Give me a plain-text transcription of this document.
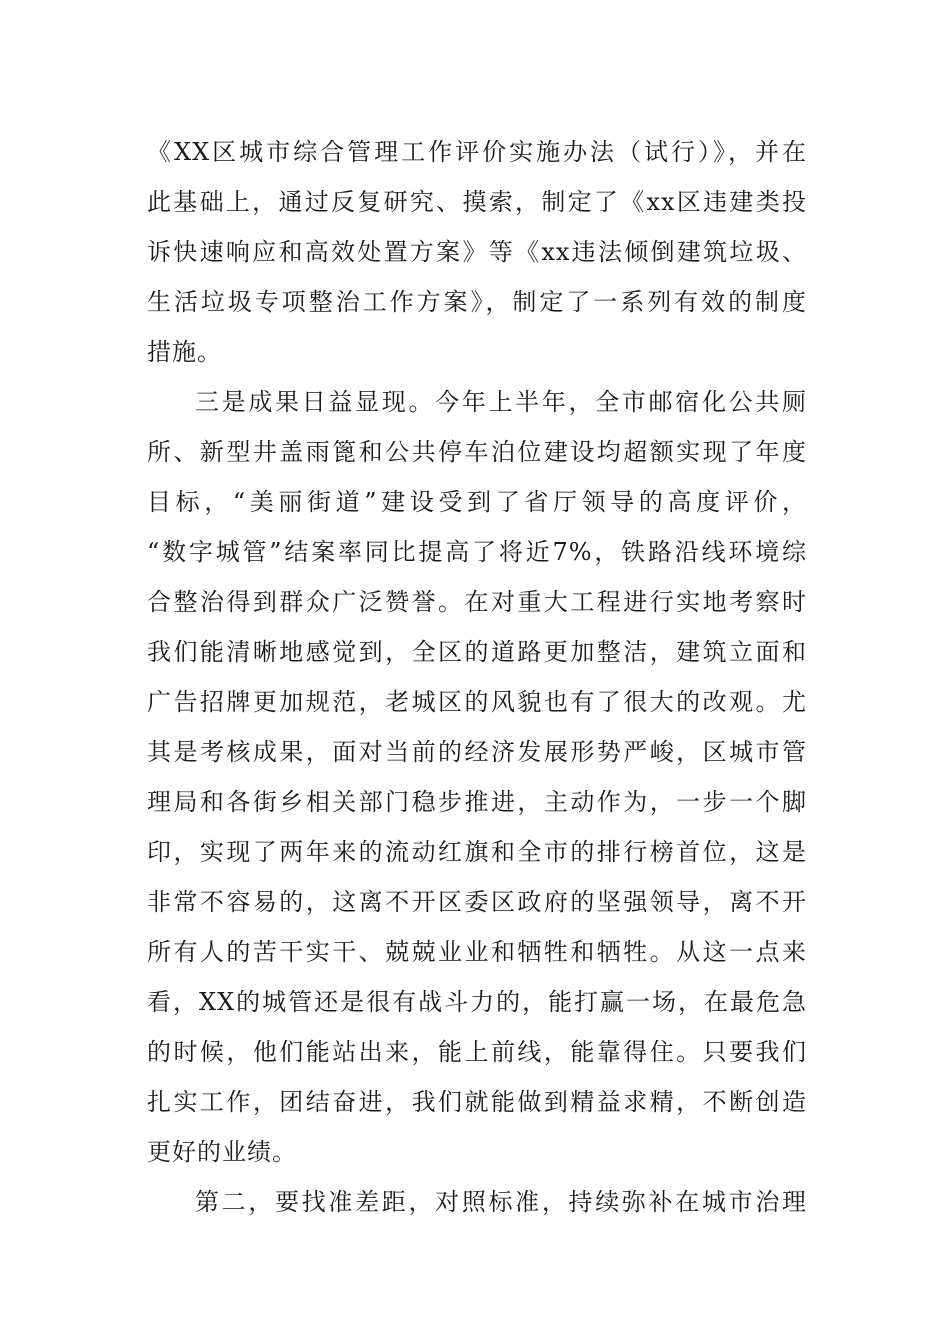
《XX区城市综合管理工作评价实施办法（试行）》，并在
此基础上，通过反复研究、摸索，制定了《xx区违建类投
诉快速响应和高效处置方案》等《xx违法倾倒建筑垃圾、
生活垃圾专项整治工作方案》，制定了一系列有效的制度
措施。
三是成果日益显现。今年上半年，全市邮宿化公共厕
所、新型井盖雨篦和公共停车泊位建设均超额实现了年度
目标，“美丽街道”建设受到了省厅领导的高度评价，
“数字城管”结案率同比提高了将近7%，铁路沿线环境综
合整治得到群众广泛赞誉。在对重大工程进行实地考察时
我们能清晰地感觉到，全区的道路更加整洁，建筑立面和
广告招牌更加规范，老城区的风貌也有了很大的改观。尤
其是考核成果，面对当前的经济发展形势严峻，区城市管
理局和各街乡相关部门稳步推进，主动作为，一步一个脚
印，实现了两年来的流动红旗和全市的排行榜首位，这是
非常不容易的，这离不开区委区政府的坚强领导，离不开
所有人的苦干实干、兢兢业业和牺牲和牺牲。从这一点来
看，XX的城管还是很有战斗力的，能打赢一场，在最危急
的时候，他们能站出来，能上前线，能靠得住。只要我们
扎实工作，团结奋进，我们就能做到精益求精，不断创造
更好的业绩。
第二，要找准差距，对照标准，持续弥补在城市治理
